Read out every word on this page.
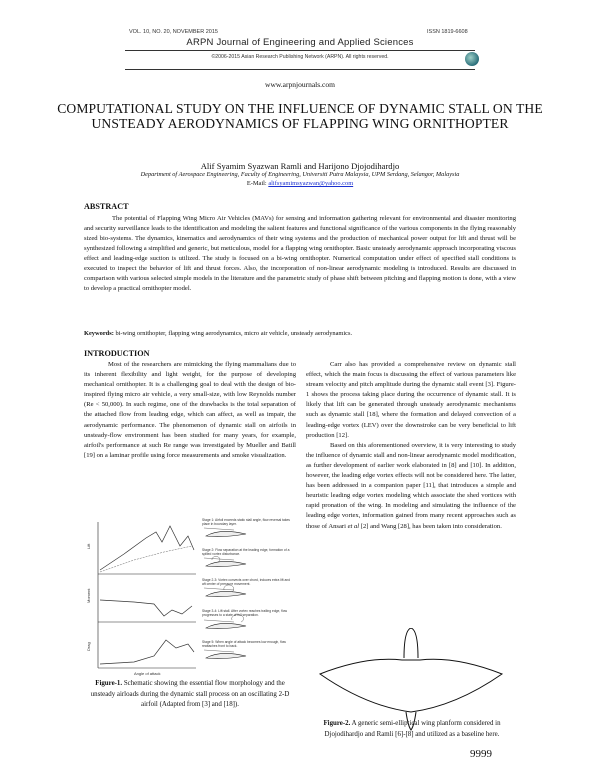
VOL. 10, NO. 20, NOVEMBER 2015	ISSN 1819-6608
ARPN Journal of Engineering and Applied Sciences
©2006-2015 Asian Research Publishing Network (ARPN). All rights reserved.
www.arpnjournals.com
COMPUTATIONAL STUDY ON THE INFLUENCE OF DYNAMIC STALL ON THE UNSTEADY AERODYNAMICS OF FLAPPING WING ORNITHOPTER
Alif Syamim Syazwan Ramli and Harijono Djojodihardjo
Department of Aerospace Engineering, Faculty of Engineering, Universiti Putra Malaysia, UPM Serdang, Selangor, Malaysia
E-Mail: alifsyamimsyazwan@yahoo.com
ABSTRACT
The potential of Flapping Wing Micro Air Vehicles (MAVs) for sensing and information gathering relevant for environmental and disaster monitoring and security surveillance leads to the identification and modeling the salient features and functional significance of the various components in the flying reasonably sized bio-systems. The dynamics, kinematics and aerodynamics of their wing systems and the production of mechanical power output for lift and thrust will be synthesized following a simplified and generic, but meticulous, model for a flapping wing ornithopter. Basic unsteady aerodynamic approach incorporating viscous effect and leading-edge suction is utilized. The study is focused on a bi-wing ornithopter. Numerical computation under effect of specified stall conditions is executed to inspect the behavior of lift and thrust forces. Also, the incorporation of non-linear aerodynamic modeling is introduced. Results are discussed in comparison with various selected simple models in the literature and the parametric study of phase shift between pitching and flapping motion is done, with a view to develop a practical ornithopter model.
Keywords: bi-wing ornithopter, flapping wing aerodynamics, micro air vehicle, unsteady aerodynamics.
INTRODUCTION

Most of the researchers are mimicking the flying mammalians due to its inherent flexibility and light weight, for the purpose of developing mechanical ornithopter. It is a challenging goal to deal with the design of bio-inspired flying micro air vehicle, a very small-size, with low Reynolds number (Re < 50,000). In such regime, one of the drawbacks is the total separation of the attached flow from leading edge, which can affect, as well as impair, the aerodynamic performance. The phenomenon of dynamic stall on airfoils in unsteady-flow environment has been studied for many years, for example, airfoil's performance at such Re range was investigated by Mueller and Batill [19] on a laminar profile using force measurements and smoke visualization.

Lift
Moment
Drag
Angle of attack
Stage 1: Airfoil exceeds static stall angle, flow reversal takes place in boundary layer.
Stage 2: Flow separation at the leading edge, formation of a spilled vortex disturbance.
Stage 2-3: Vortex convects over chord, induces extra lift and aft center of pressure movement.
Stage 3-4: Lift stall. After vortex reaches trailing edge, flow progresses to a state of full separation.
Stage 5: When angle of attack becomes low enough, flow reattaches front to back.
Figure-1. Schematic showing the essential flow morphology and the unsteady airloads during the dynamic stall process on an oscillating 2-D airfoil (Adapted from [3] and [18]).

Carr also has provided a comprehensive review on dynamic stall effect, which the main focus is discussing the effect of various parameters like stream velocity and pitch amplitude during the dynamic stall event [3]. Figure-1 shows the process taking place during the occurrence of dynamic stall. It is likely that lift can be generated through unsteady aerodynamic mechanisms such as dynamic stall [18], where the formation and delayed convection of a leading-edge vortex (LEV) over the downstroke can be very beneficial to lift production [12].

Based on this aforementioned overview, it is very interesting to study the influence of dynamic stall and non-linear aerodynamic model modification, as further development of earlier work elaborated in [8] and [10]. In addition, however, the leading edge vortex effects will not be considered here. The latter, has been addressed in a companion paper [11], that introduces a simple and heuristic leading edge vortex modeling which associate the shed vortices with rapid pronation of the wing. In modeling and simulating the influence of the leading edge vortex, information gained from many recent approaches such as those of Ansari et al [2] and Wang [28], has been taken into consideration.

Figure-2. A generic semi-elliptical wing planform considered in Djojodihardjo and Ramli [6]-[8] and utilized as a baseline here.
9999
